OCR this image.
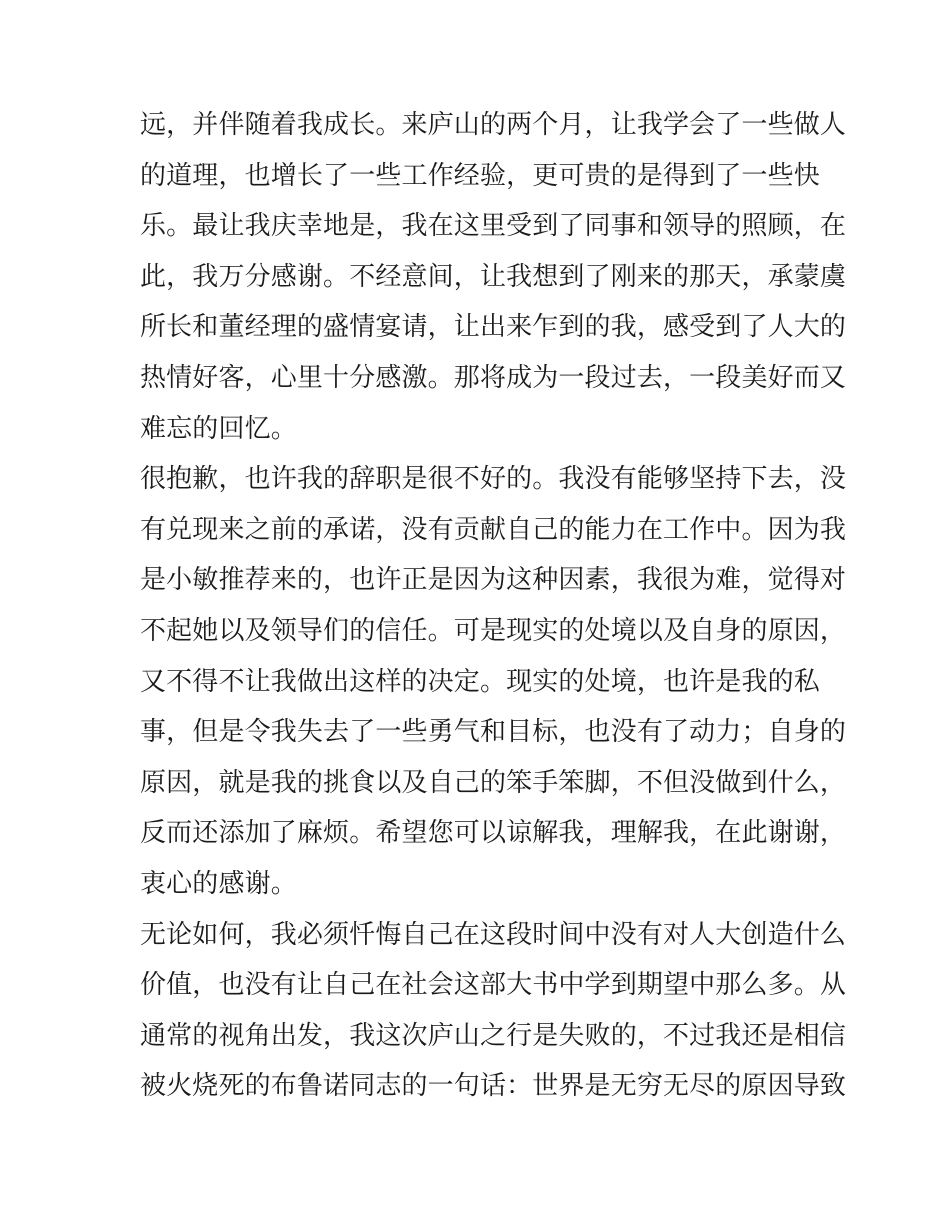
远，并伴随着我成长。来庐山的两个月，让我学会了一些做人
的道理，也增长了一些工作经验，更可贵的是得到了一些快
乐。最让我庆幸地是，我在这里受到了同事和领导的照顾，在
此，我万分感谢。不经意间，让我想到了刚来的那天，承蒙虞
所长和董经理的盛情宴请，让出来乍到的我，感受到了人大的
热情好客，心里十分感激。那将成为一段过去，一段美好而又
难忘的回忆。
很抱歉，也许我的辞职是很不好的。我没有能够坚持下去，没
有兑现来之前的承诺，没有贡献自己的能力在工作中。因为我
是小敏推荐来的，也许正是因为这种因素，我很为难，觉得对
不起她以及领导们的信任。可是现实的处境以及自身的原因，
又不得不让我做出这样的决定。现实的处境，也许是我的私
事，但是令我失去了一些勇气和目标，也没有了动力；自身的
原因，就是我的挑食以及自己的笨手笨脚，不但没做到什么，
反而还添加了麻烦。希望您可以谅解我，理解我，在此谢谢，
衷心的感谢。
无论如何，我必须忏悔自己在这段时间中没有对人大创造什么
价值，也没有让自己在社会这部大书中学到期望中那么多。从
通常的视角出发，我这次庐山之行是失败的，不过我还是相信
被火烧死的布鲁诺同志的一句话：世界是无穷无尽的原因导致
